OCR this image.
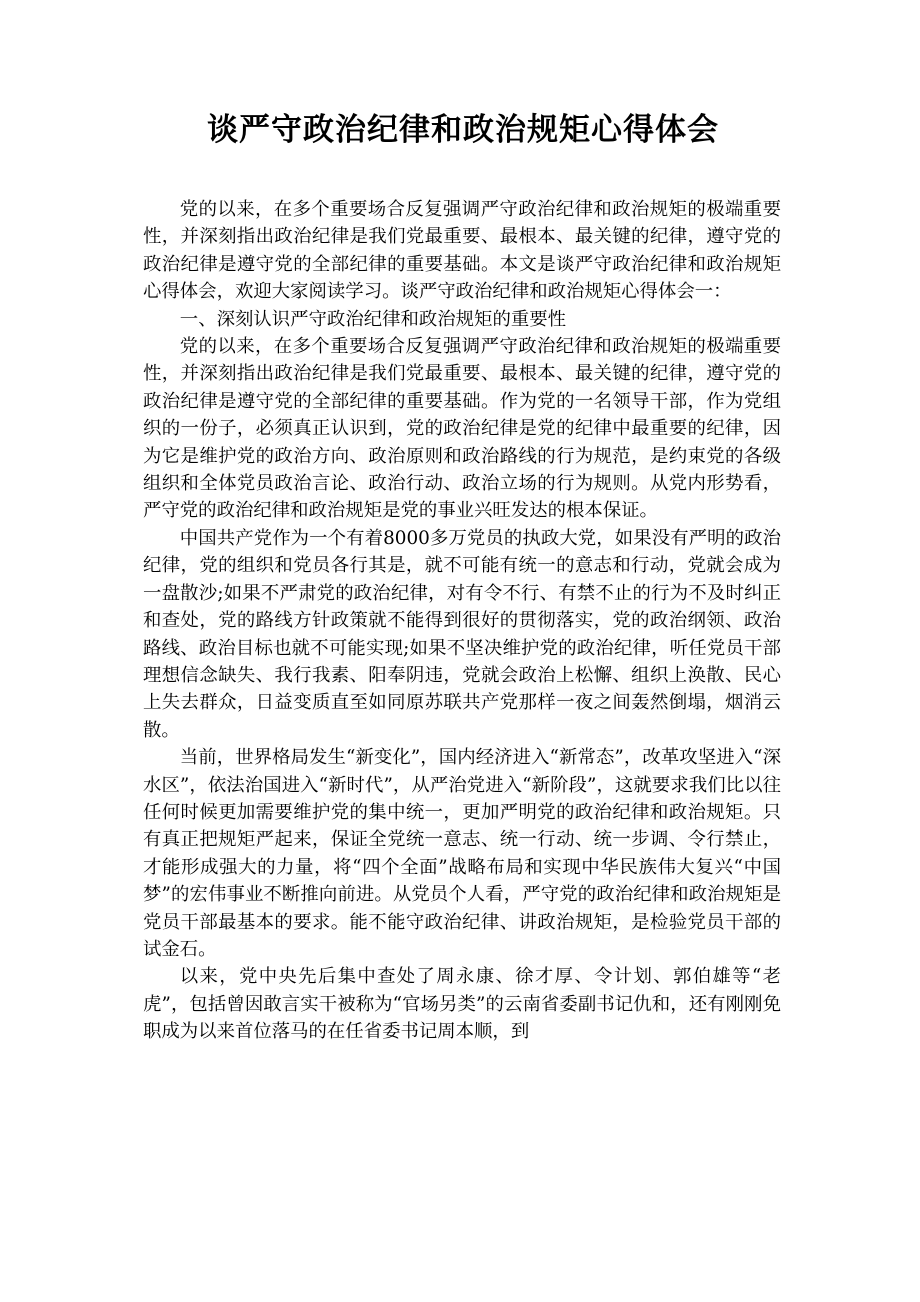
谈严守政治纪律和政治规矩心得体会

党的以来，在多个重要场合反复强调严守政治纪律和政治规矩的极端重要性，并深刻指出政治纪律是我们党最重要、最根本、最关键的纪律，遵守党的政治纪律是遵守党的全部纪律的重要基础。本文是谈严守政治纪律和政治规矩心得体会，欢迎大家阅读学习。谈严守政治纪律和政治规矩心得体会一：

一、深刻认识严守政治纪律和政治规矩的重要性

党的以来，在多个重要场合反复强调严守政治纪律和政治规矩的极端重要性，并深刻指出政治纪律是我们党最重要、最根本、最关键的纪律，遵守党的政治纪律是遵守党的全部纪律的重要基础。作为党的一名领导干部，作为党组织的一份子，必须真正认识到，党的政治纪律是党的纪律中最重要的纪律，因为它是维护党的政治方向、政治原则和政治路线的行为规范，是约束党的各级组织和全体党员政治言论、政治行动、政治立场的行为规则。从党内形势看，严守党的政治纪律和政治规矩是党的事业兴旺发达的根本保证。

中国共产党作为一个有着8000多万党员的执政大党，如果没有严明的政治纪律，党的组织和党员各行其是，就不可能有统一的意志和行动，党就会成为一盘散沙;如果不严肃党的政治纪律，对有令不行、有禁不止的行为不及时纠正和查处，党的路线方针政策就不能得到很好的贯彻落实，党的政治纲领、政治路线、政治目标也就不可能实现;如果不坚决维护党的政治纪律，听任党员干部理想信念缺失、我行我素、阳奉阴违，党就会政治上松懈、组织上涣散、民心上失去群众，日益变质直至如同原苏联共产党那样一夜之间轰然倒塌，烟消云散。

当前，世界格局发生“新变化”，国内经济进入“新常态”，改革攻坚进入“深水区”，依法治国进入“新时代”，从严治党进入“新阶段”，这就要求我们比以往任何时候更加需要维护党的集中统一，更加严明党的政治纪律和政治规矩。只有真正把规矩严起来，保证全党统一意志、统一行动、统一步调、令行禁止，才能形成强大的力量，将“四个全面”战略布局和实现中华民族伟大复兴“中国梦”的宏伟事业不断推向前进。从党员个人看，严守党的政治纪律和政治规矩是党员干部最基本的要求。能不能守政治纪律、讲政治规矩，是检验党员干部的试金石。

以来，党中央先后集中查处了周永康、徐才厚、令计划、郭伯雄等“老虎”，包括曾因敢言实干被称为“官场另类”的云南省委副书记仇和，还有刚刚免职成为以来首位落马的在任省委书记周本顺，到
